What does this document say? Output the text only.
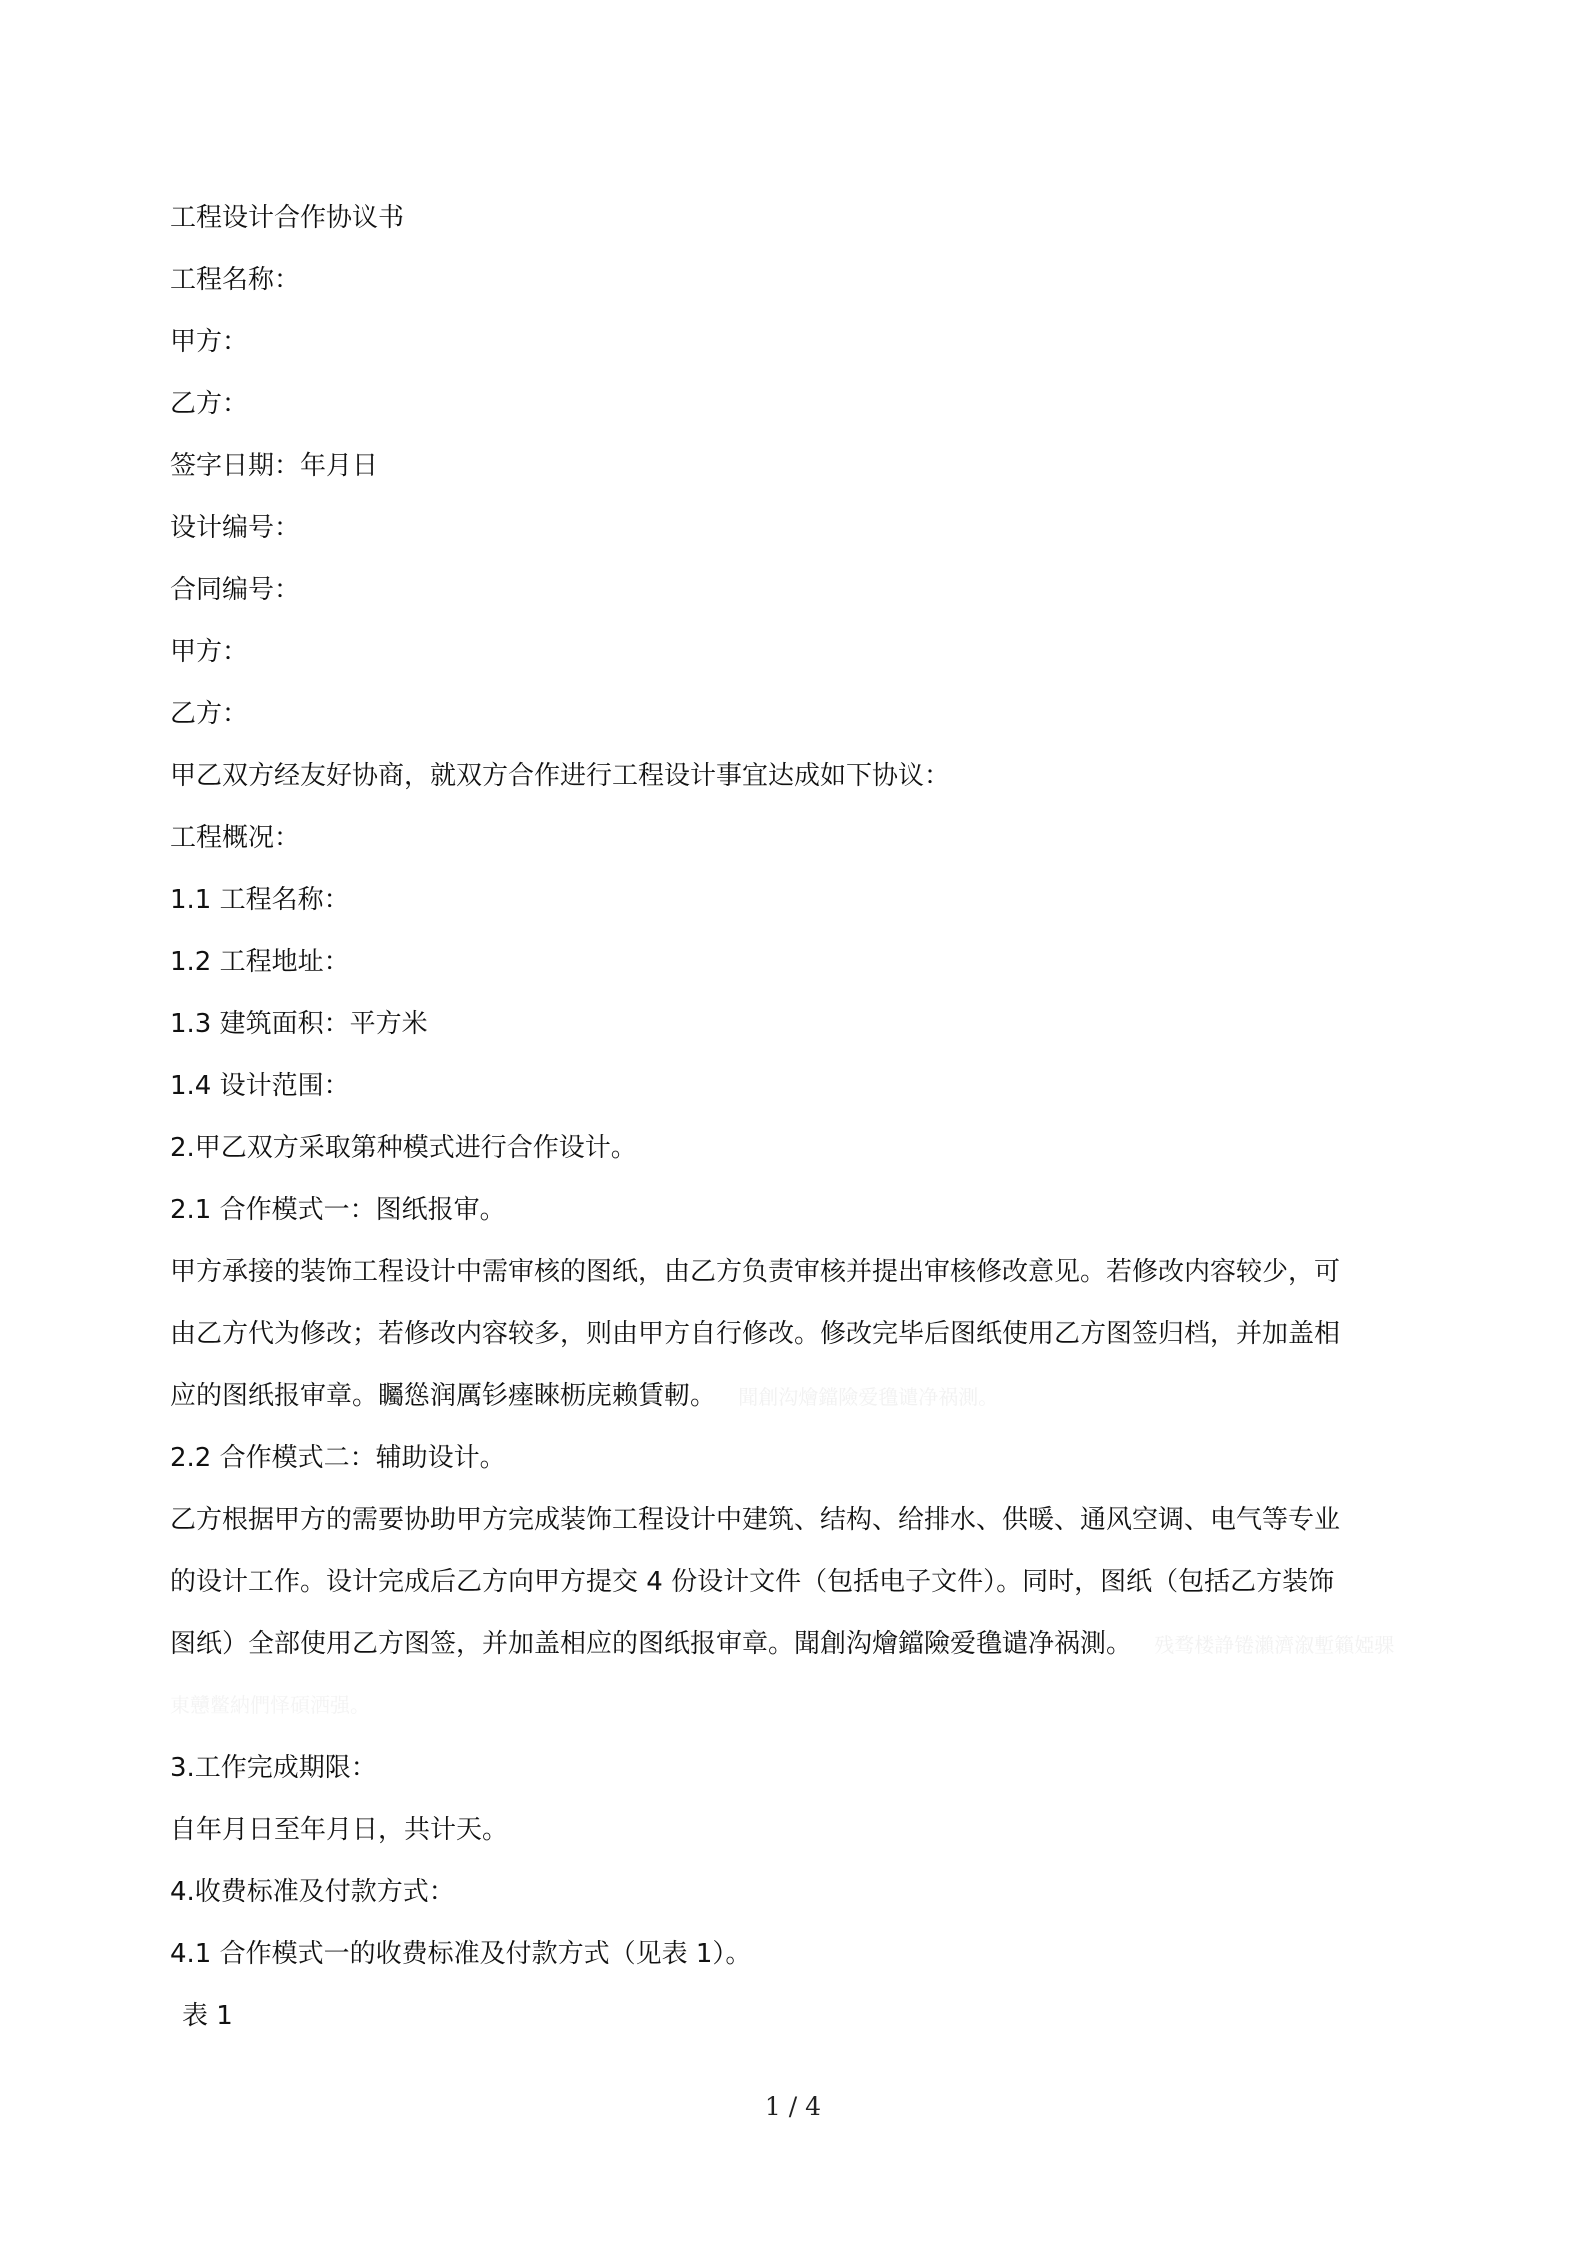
工程设计合作协议书
工程名称：
甲方：
乙方：
签字日期：年月日
设计编号：
合同编号：
甲方：
乙方：
甲乙双方经友好协商，就双方合作进行工程设计事宜达成如下协议：
工程概况：
1.1 工程名称：
1.2 工程地址：
1.3 建筑面积：平方米
1.4 设计范围：
2.甲乙双方采取第种模式进行合作设计。
2.1 合作模式一：图纸报审。
甲方承接的装饰工程设计中需审核的图纸，由乙方负责审核并提出审核修改意见。若修改内容较少，可
由乙方代为修改；若修改内容较多，则由甲方自行修改。修改完毕后图纸使用乙方图签归档，并加盖相
应的图纸报审章。矚慫润厲钐瘗睞枥庑赖賃軔。 聞創沟燴鐺險爱氇谴净祸測。
2.2 合作模式二：辅助设计。
乙方根据甲方的需要协助甲方完成装饰工程设计中建筑、结构、给排水、供暖、通风空调、电气等专业
的设计工作。设计完成后乙方向甲方提交 4 份设计文件（包括电子文件）。同时，图纸（包括乙方装饰
图纸）全部使用乙方图签，并加盖相应的图纸报审章。聞創沟燴鐺險爱氇谴净祸測。 残骛楼諍锩瀨濟溆塹籟婭骒
東戇鳖納們怿碩洒强。
3.工作完成期限：
自年月日至年月日，共计天。
4.收费标准及付款方式：
4.1 合作模式一的收费标准及付款方式（见表 1）。
表 1
1 / 4
